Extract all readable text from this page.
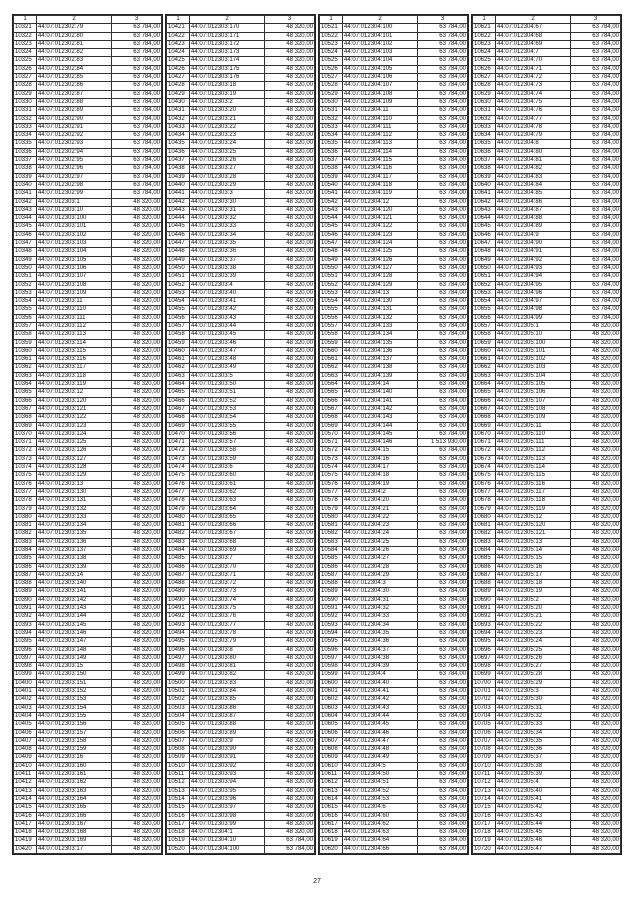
1	2	3
10321	44:07:012302:79	63 784,00
10322	44:07:012302:80	63 784,00
10323	44:07:012302:81	63 784,00
10324	44:07:012302:82	63 784,00
10325	44:07:012302:83	63 784,00
10326	44:07:012302:84	63 784,00
10327	44:07:012302:85	63 784,00
10328	44:07:012302:86	63 784,00
10329	44:07:012302:87	63 784,00
10330	44:07:012302:88	63 784,00
10331	44:07:012302:89	63 784,00
10332	44:07:012302:90	63 784,00
10333	44:07:012302:91	63 784,00
10334	44:07:012302:92	63 784,00
10335	44:07:012302:93	63 784,00
10336	44:07:012302:94	63 784,00
10337	44:07:012302:95	63 784,00
10338	44:07:012302:96	63 784,00
10339	44:07:012302:97	63 784,00
10340	44:07:012302:98	63 784,00
10341	44:07:012302:99	63 784,00
10342	44:07:012303:1	48 320,00
10343	44:07:012303:10	48 320,00
10344	44:07:012303:100	48 320,00
10345	44:07:012303:101	48 320,00
10346	44:07:012303:102	48 320,00
10347	44:07:012303:103	48 320,00
10348	44:07:012303:104	48 320,00
10349	44:07:012303:105	48 320,00
10350	44:07:012303:106	48 320,00
10351	44:07:012303:107	48 320,00
10352	44:07:012303:108	48 320,00
10353	44:07:012303:109	48 320,00
10354	44:07:012303:11	48 320,00
10355	44:07:012303:110	48 320,00
10356	44:07:012303:111	48 320,00
10357	44:07:012303:112	48 320,00
10358	44:07:012303:113	48 320,00
10359	44:07:012303:114	48 320,00
10360	44:07:012303:115	48 320,00
10361	44:07:012303:116	48 320,00
10362	44:07:012303:117	48 320,00
10363	44:07:012303:118	48 320,00
10364	44:07:012303:119	48 320,00
10365	44:07:012303:12	48 320,00
10366	44:07:012303:120	48 320,00
10367	44:07:012303:121	48 320,00
10368	44:07:012303:122	48 320,00
10369	44:07:012303:123	48 320,00
10370	44:07:012303:124	48 320,00
10371	44:07:012303:125	48 320,00
10372	44:07:012303:126	48 320,00
10373	44:07:012303:127	48 320,00
10374	44:07:012303:128	48 320,00
10375	44:07:012303:129	48 320,00
10376	44:07:012303:13	48 320,00
10377	44:07:012303:130	48 320,00
10378	44:07:012303:131	48 320,00
10379	44:07:012303:132	48 320,00
10380	44:07:012303:133	48 320,00
10381	44:07:012303:134	48 320,00
10382	44:07:012303:135	48 320,00
10383	44:07:012303:136	48 320,00
10384	44:07:012303:137	48 320,00
10385	44:07:012303:138	48 320,00
10386	44:07:012303:139	48 320,00
10387	44:07:012303:14	48 320,00
10388	44:07:012303:140	48 320,00
10389	44:07:012303:141	48 320,00
10390	44:07:012303:142	48 320,00
10391	44:07:012303:143	48 320,00
10392	44:07:012303:144	48 320,00
10393	44:07:012303:145	48 320,00
10394	44:07:012303:146	48 320,00
10395	44:07:012303:147	48 320,00
10396	44:07:012303:148	48 320,00
10397	44:07:012303:149	48 320,00
10398	44:07:012303:15	48 320,00
10399	44:07:012303:150	48 320,00
10400	44:07:012303:151	48 320,00
10401	44:07:012303:152	48 320,00
10402	44:07:012303:153	48 320,00
10403	44:07:012303:154	48 320,00
10404	44:07:012303:155	48 320,00
10405	44:07:012303:156	48 320,00
10406	44:07:012303:157	48 320,00
10407	44:07:012303:158	48 320,00
10408	44:07:012303:159	48 320,00
10409	44:07:012303:16	48 320,00
10410	44:07:012303:160	48 320,00
10411	44:07:012303:161	48 320,00
10412	44:07:012303:162	48 320,00
10413	44:07:012303:163	48 320,00
10414	44:07:012303:164	48 320,00
10415	44:07:012303:165	48 320,00
10416	44:07:012303:166	48 320,00
10417	44:07:012303:167	48 320,00
10418	44:07:012303:168	48 320,00
10419	44:07:012303:169	48 320,00
10420	44:07:012303:17	48 320,00
1	2	3
10421	44:07:012303:170	48 320,00
10422	44:07:012303:171	48 320,00
10423	44:07:012303:172	48 320,00
10424	44:07:012303:173	48 320,00
10425	44:07:012303:174	48 320,00
10426	44:07:012303:175	48 320,00
10427	44:07:012303:176	48 320,00
10428	44:07:012303:18	48 320,00
10429	44:07:012303:19	48 320,00
10430	44:07:012303:2	48 320,00
10431	44:07:012303:20	48 320,00
10432	44:07:012303:21	48 320,00
10433	44:07:012303:22	48 320,00
10434	44:07:012303:23	48 320,00
10435	44:07:012303:24	48 320,00
10436	44:07:012303:25	48 320,00
10437	44:07:012303:26	48 320,00
10438	44:07:012303:27	48 320,00
10439	44:07:012303:28	48 320,00
10440	44:07:012303:29	48 320,00
10441	44:07:012303:3	48 320,00
10442	44:07:012303:30	48 320,00
10443	44:07:012303:31	48 320,00
10444	44:07:012303:32	48 320,00
10445	44:07:012303:33	48 320,00
10446	44:07:012303:34	48 320,00
10447	44:07:012303:35	48 320,00
10448	44:07:012303:36	48 320,00
10449	44:07:012303:37	48 320,00
10450	44:07:012303:38	48 320,00
10451	44:07:012303:39	48 320,00
10452	44:07:012303:4	48 320,00
10453	44:07:012303:40	48 320,00
10454	44:07:012303:41	48 320,00
10455	44:07:012303:42	48 320,00
10456	44:07:012303:43	48 320,00
10457	44:07:012303:44	48 320,00
10458	44:07:012303:45	48 320,00
10459	44:07:012303:46	48 320,00
10460	44:07:012303:47	48 320,00
10461	44:07:012303:48	48 320,00
10462	44:07:012303:49	48 320,00
10463	44:07:012303:5	48 320,00
10464	44:07:012303:50	48 320,00
10465	44:07:012303:51	48 320,00
10466	44:07:012303:52	48 320,00
10467	44:07:012303:53	48 320,00
10468	44:07:012303:54	48 320,00
10469	44:07:012303:55	48 320,00
10470	44:07:012303:56	48 320,00
10471	44:07:012303:57	48 320,00
10472	44:07:012303:58	48 320,00
10473	44:07:012303:59	48 320,00
10474	44:07:012303:6	48 320,00
10475	44:07:012303:60	48 320,00
10476	44:07:012303:61	48 320,00
10477	44:07:012303:62	48 320,00
10478	44:07:012303:63	48 320,00
10479	44:07:012303:64	48 320,00
10480	44:07:012303:65	48 320,00
10481	44:07:012303:66	48 320,00
10482	44:07:012303:67	48 320,00
10483	44:07:012303:68	48 320,00
10484	44:07:012303:69	48 320,00
10485	44:07:012303:7	48 320,00
10486	44:07:012303:70	48 320,00
10487	44:07:012303:71	48 320,00
10488	44:07:012303:72	48 320,00
10489	44:07:012303:73	48 320,00
10490	44:07:012303:74	48 320,00
10491	44:07:012303:75	48 320,00
10492	44:07:012303:76	48 320,00
10493	44:07:012303:77	48 320,00
10494	44:07:012303:78	48 320,00
10495	44:07:012303:79	48 320,00
10496	44:07:012303:8	48 320,00
10497	44:07:012303:80	48 320,00
10498	44:07:012303:81	48 320,00
10499	44:07:012303:82	48 320,00
10500	44:07:012303:83	48 320,00
10501	44:07:012303:84	48 320,00
10502	44:07:012303:85	48 320,00
10503	44:07:012303:86	48 320,00
10504	44:07:012303:87	48 320,00
10505	44:07:012303:88	48 320,00
10506	44:07:012303:89	48 320,00
10507	44:07:012303:9	48 320,00
10508	44:07:012303:90	48 320,00
10509	44:07:012303:91	48 320,00
10510	44:07:012303:92	48 320,00
10511	44:07:012303:93	48 320,00
10512	44:07:012303:94	48 320,00
10513	44:07:012303:95	48 320,00
10514	44:07:012303:96	48 320,00
10515	44:07:012303:97	48 320,00
10516	44:07:012303:98	48 320,00
10517	44:07:012303:99	48 320,00
10518	44:07:012304:1	48 320,00
10519	44:07:012304:10	63 784,00
10520	44:07:012304:100	63 784,00
1	2	3
10521	44:07:012304:100	63 784,00
10522	44:07:012304:101	63 784,00
10523	44:07:012304:102	63 784,00
10524	44:07:012304:103	63 784,00
10525	44:07:012304:104	63 784,00
10526	44:07:012304:105	63 784,00
10527	44:07:012304:106	63 784,00
10528	44:07:012304:107	63 784,00
10529	44:07:012304:108	63 784,00
10530	44:07:012304:109	63 784,00
10531	44:07:012304:11	63 784,00
10532	44:07:012304:110	63 784,00
10533	44:07:012304:111	63 784,00
10534	44:07:012304:112	63 784,00
10535	44:07:012304:113	63 784,00
10536	44:07:012304:114	63 784,00
10537	44:07:012304:115	63 784,00
10538	44:07:012304:116	63 784,00
10539	44:07:012304:117	63 784,00
10540	44:07:012304:118	63 784,00
10541	44:07:012304:119	63 784,00
10542	44:07:012304:12	63 784,00
10543	44:07:012304:120	63 784,00
10544	44:07:012304:121	63 784,00
10545	44:07:012304:122	63 784,00
10546	44:07:012304:123	63 784,00
10547	44:07:012304:124	63 784,00
10548	44:07:012304:125	63 784,00
10549	44:07:012304:126	63 784,00
10550	44:07:012304:127	63 784,00
10551	44:07:012304:128	63 784,00
10552	44:07:012304:129	63 784,00
10553	44:07:012304:13	63 784,00
10554	44:07:012304:130	63 784,00
10555	44:07:012304:131	63 784,00
10556	44:07:012304:132	63 784,00
10557	44:07:012304:133	63 784,00
10558	44:07:012304:134	63 784,00
10559	44:07:012304:135	63 784,00
10560	44:07:012304:136	63 784,00
10561	44:07:012304:137	63 784,00
10562	44:07:012304:138	63 784,00
10563	44:07:012304:139	63 784,00
10564	44:07:012304:14	63 784,00
10565	44:07:012304:140	63 784,00
10566	44:07:012304:141	63 784,00
10567	44:07:012304:142	63 784,00
10568	44:07:012304:143	63 784,00
10569	44:07:012304:144	63 784,00
10570	44:07:012304:145	63 784,00
10571	44:07:012304:146	1 513 930,00
10572	44:07:012304:15	63 784,00
10573	44:07:012304:16	63 784,00
10574	44:07:012304:17	63 784,00
10575	44:07:012304:18	63 784,00
10576	44:07:012304:19	63 784,00
10577	44:07:012304:2	63 784,00
10578	44:07:012304:20	63 784,00
10579	44:07:012304:21	63 784,00
10580	44:07:012304:22	63 784,00
10581	44:07:012304:23	63 784,00
10582	44:07:012304:24	63 784,00
10583	44:07:012304:25	63 784,00
10584	44:07:012304:26	63 784,00
10585	44:07:012304:27	63 784,00
10586	44:07:012304:28	63 784,00
10587	44:07:012304:29	63 784,00
10588	44:07:012304:3	63 784,00
10589	44:07:012304:30	63 784,00
10590	44:07:012304:31	63 784,00
10591	44:07:012304:32	63 784,00
10592	44:07:012304:33	63 784,00
10593	44:07:012304:34	63 784,00
10594	44:07:012304:35	63 784,00
10595	44:07:012304:36	63 784,00
10596	44:07:012304:37	63 784,00
10597	44:07:012304:38	63 784,00
10598	44:07:012304:39	63 784,00
10599	44:07:012304:4	63 784,00
10600	44:07:012304:40	63 784,00
10601	44:07:012304:41	63 784,00
10602	44:07:012304:42	63 784,00
10603	44:07:012304:43	63 784,00
10604	44:07:012304:44	63 784,00
10605	44:07:012304:45	63 784,00
10606	44:07:012304:46	63 784,00
10607	44:07:012304:47	63 784,00
10608	44:07:012304:48	63 784,00
10609	44:07:012304:49	63 784,00
10610	44:07:012304:5	63 784,00
10611	44:07:012304:50	63 784,00
10612	44:07:012304:51	63 784,00
10613	44:07:012304:52	63 784,00
10614	44:07:012304:53	63 784,00
10615	44:07:012304:6	63 784,00
10616	44:07:012304:60	63 784,00
10617	44:07:012304:62	63 784,00
10618	44:07:012304:63	63 784,00
10619	44:07:012304:64	63 784,00
10620	44:07:012304:66	63 784,00
1	2	3
10621	44:07:012304:67	63 784,00
10622	44:07:012304:68	63 784,00
10623	44:07:012304:69	63 784,00
10624	44:07:012304:7	63 784,00
10625	44:07:012304:70	63 784,00
10626	44:07:012304:71	63 784,00
10627	44:07:012304:72	63 784,00
10628	44:07:012304:73	63 784,00
10629	44:07:012304:74	63 784,00
10630	44:07:012304:75	63 784,00
10631	44:07:012304:76	63 784,00
10632	44:07:012304:77	63 784,00
10633	44:07:012304:78	63 784,00
10634	44:07:012304:79	63 784,00
10635	44:07:012304:8	63 784,00
10636	44:07:012304:80	63 784,00
10637	44:07:012304:81	63 784,00
10638	44:07:012304:82	63 784,00
10639	44:07:012304:83	63 784,00
10640	44:07:012304:84	63 784,00
10641	44:07:012304:85	63 784,00
10642	44:07:012304:86	63 784,00
10643	44:07:012304:87	63 784,00
10644	44:07:012304:88	63 784,00
10645	44:07:012304:89	63 784,00
10646	44:07:012304:9	63 784,00
10647	44:07:012304:90	63 784,00
10648	44:07:012304:91	63 784,00
10649	44:07:012304:92	63 784,00
10650	44:07:012304:93	63 784,00
10651	44:07:012304:94	63 784,00
10652	44:07:012304:95	63 784,00
10653	44:07:012304:96	63 784,00
10654	44:07:012304:97	63 784,00
10655	44:07:012304:98	63 784,00
10656	44:07:012304:99	63 784,00
10657	44:07:012305:1	48 320,00
10658	44:07:012305:10	48 320,00
10659	44:07:012305:100	48 320,00
10660	44:07:012305:101	48 320,00
10661	44:07:012305:102	48 320,00
10662	44:07:012305:103	48 320,00
10663	44:07:012305:104	48 320,00
10664	44:07:012305:105	48 320,00
10665	44:07:012305:106	48 320,00
10666	44:07:012305:107	48 320,00
10667	44:07:012305:108	48 320,00
10668	44:07:012305:109	48 320,00
10669	44:07:012305:11	48 320,00
10670	44:07:012305:110	48 320,00
10671	44:07:012305:111	48 320,00
10672	44:07:012305:112	48 320,00
10673	44:07:012305:113	48 320,00
10674	44:07:012305:114	48 320,00
10675	44:07:012305:115	48 320,00
10676	44:07:012305:116	48 320,00
10677	44:07:012305:117	48 320,00
10678	44:07:012305:118	48 320,00
10679	44:07:012305:119	48 320,00
10680	44:07:012305:12	48 320,00
10681	44:07:012305:120	48 320,00
10682	44:07:012305:121	48 320,00
10683	44:07:012305:13	48 320,00
10684	44:07:012305:14	48 320,00
10685	44:07:012305:15	48 320,00
10686	44:07:012305:16	48 320,00
10687	44:07:012305:17	48 320,00
10688	44:07:012305:18	48 320,00
10689	44:07:012305:19	48 320,00
10690	44:07:012305:2	48 320,00
10691	44:07:012305:20	48 320,00
10692	44:07:012305:21	48 320,00
10693	44:07:012305:22	48 320,00
10694	44:07:012305:23	48 320,00
10695	44:07:012305:24	48 320,00
10696	44:07:012305:25	48 320,00
10697	44:07:012305:26	48 320,00
10698	44:07:012305:27	48 320,00
10699	44:07:012305:28	48 320,00
10700	44:07:012305:29	48 320,00
10701	44:07:012305:3	48 320,00
10702	44:07:012305:30	48 320,00
10703	44:07:012305:31	48 320,00
10704	44:07:012305:32	48 320,00
10705	44:07:012305:33	48 320,00
10706	44:07:012305:34	48 320,00
10707	44:07:012305:35	48 320,00
10708	44:07:012305:36	48 320,00
10709	44:07:012305:37	48 320,00
10710	44:07:012305:38	48 320,00
10711	44:07:012305:39	48 320,00
10712	44:07:012305:4	48 320,00
10713	44:07:012305:40	48 320,00
10714	44:07:012305:41	48 320,00
10715	44:07:012305:42	48 320,00
10716	44:07:012305:43	48 320,00
10717	44:07:012305:44	48 320,00
10718	44:07:012305:45	48 320,00
10719	44:07:012305:46	48 320,00
10720	44:07:012305:47	48 320,00
27
